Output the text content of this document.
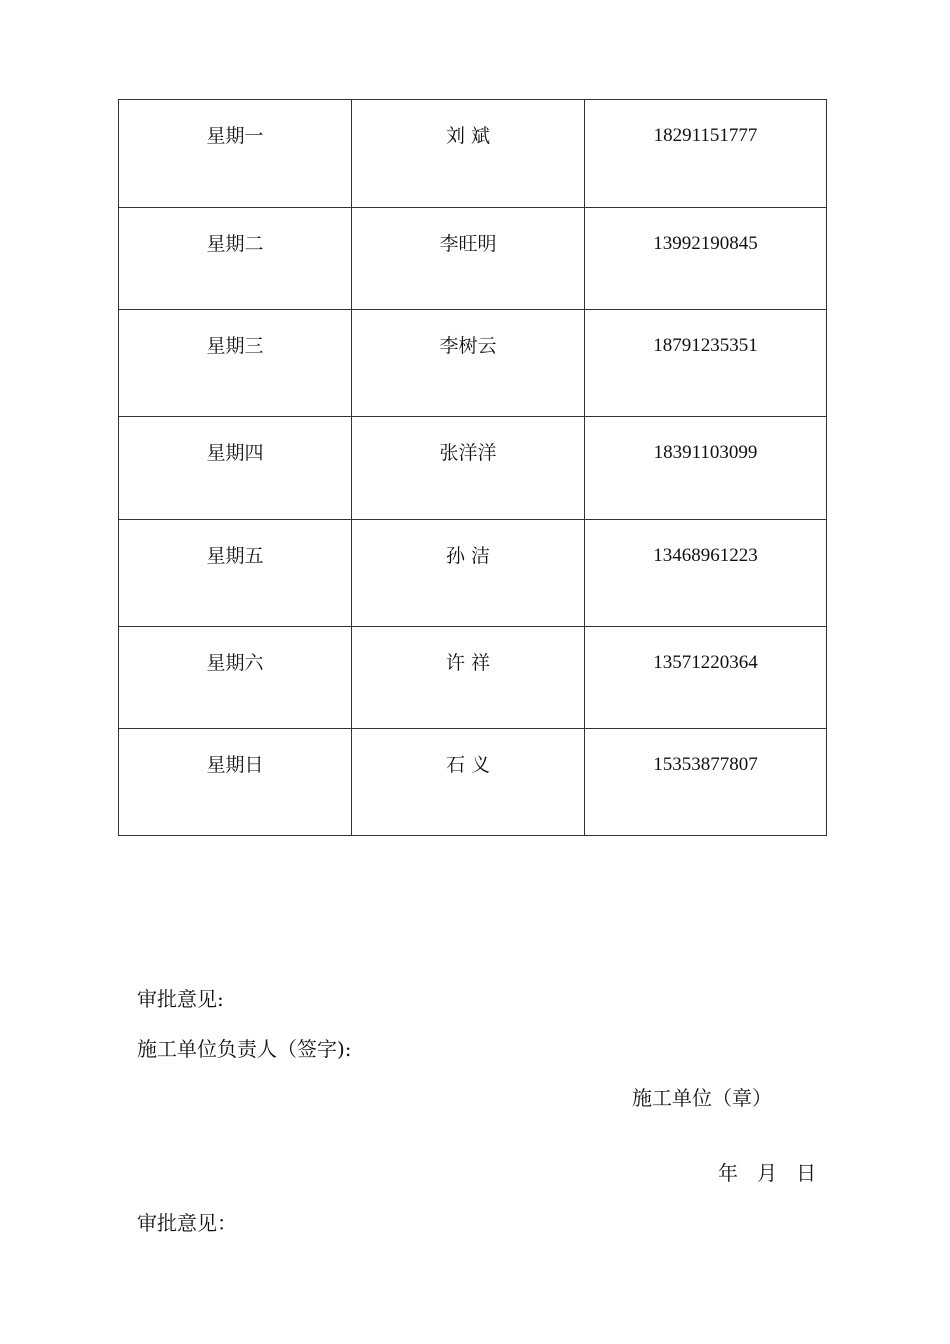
星期一	刘 斌	18291151777

星期二	李旺明	13992190845

星期三	李树云	18791235351

星期四	张洋洋	18391103099

星期五	孙 洁	13468961223

星期六	许 祥	13571220364

星期日	石 义	15353877807
审批意见:
施工单位负责人（签字):
施工单位（章）
年   月   日
审批意见：
